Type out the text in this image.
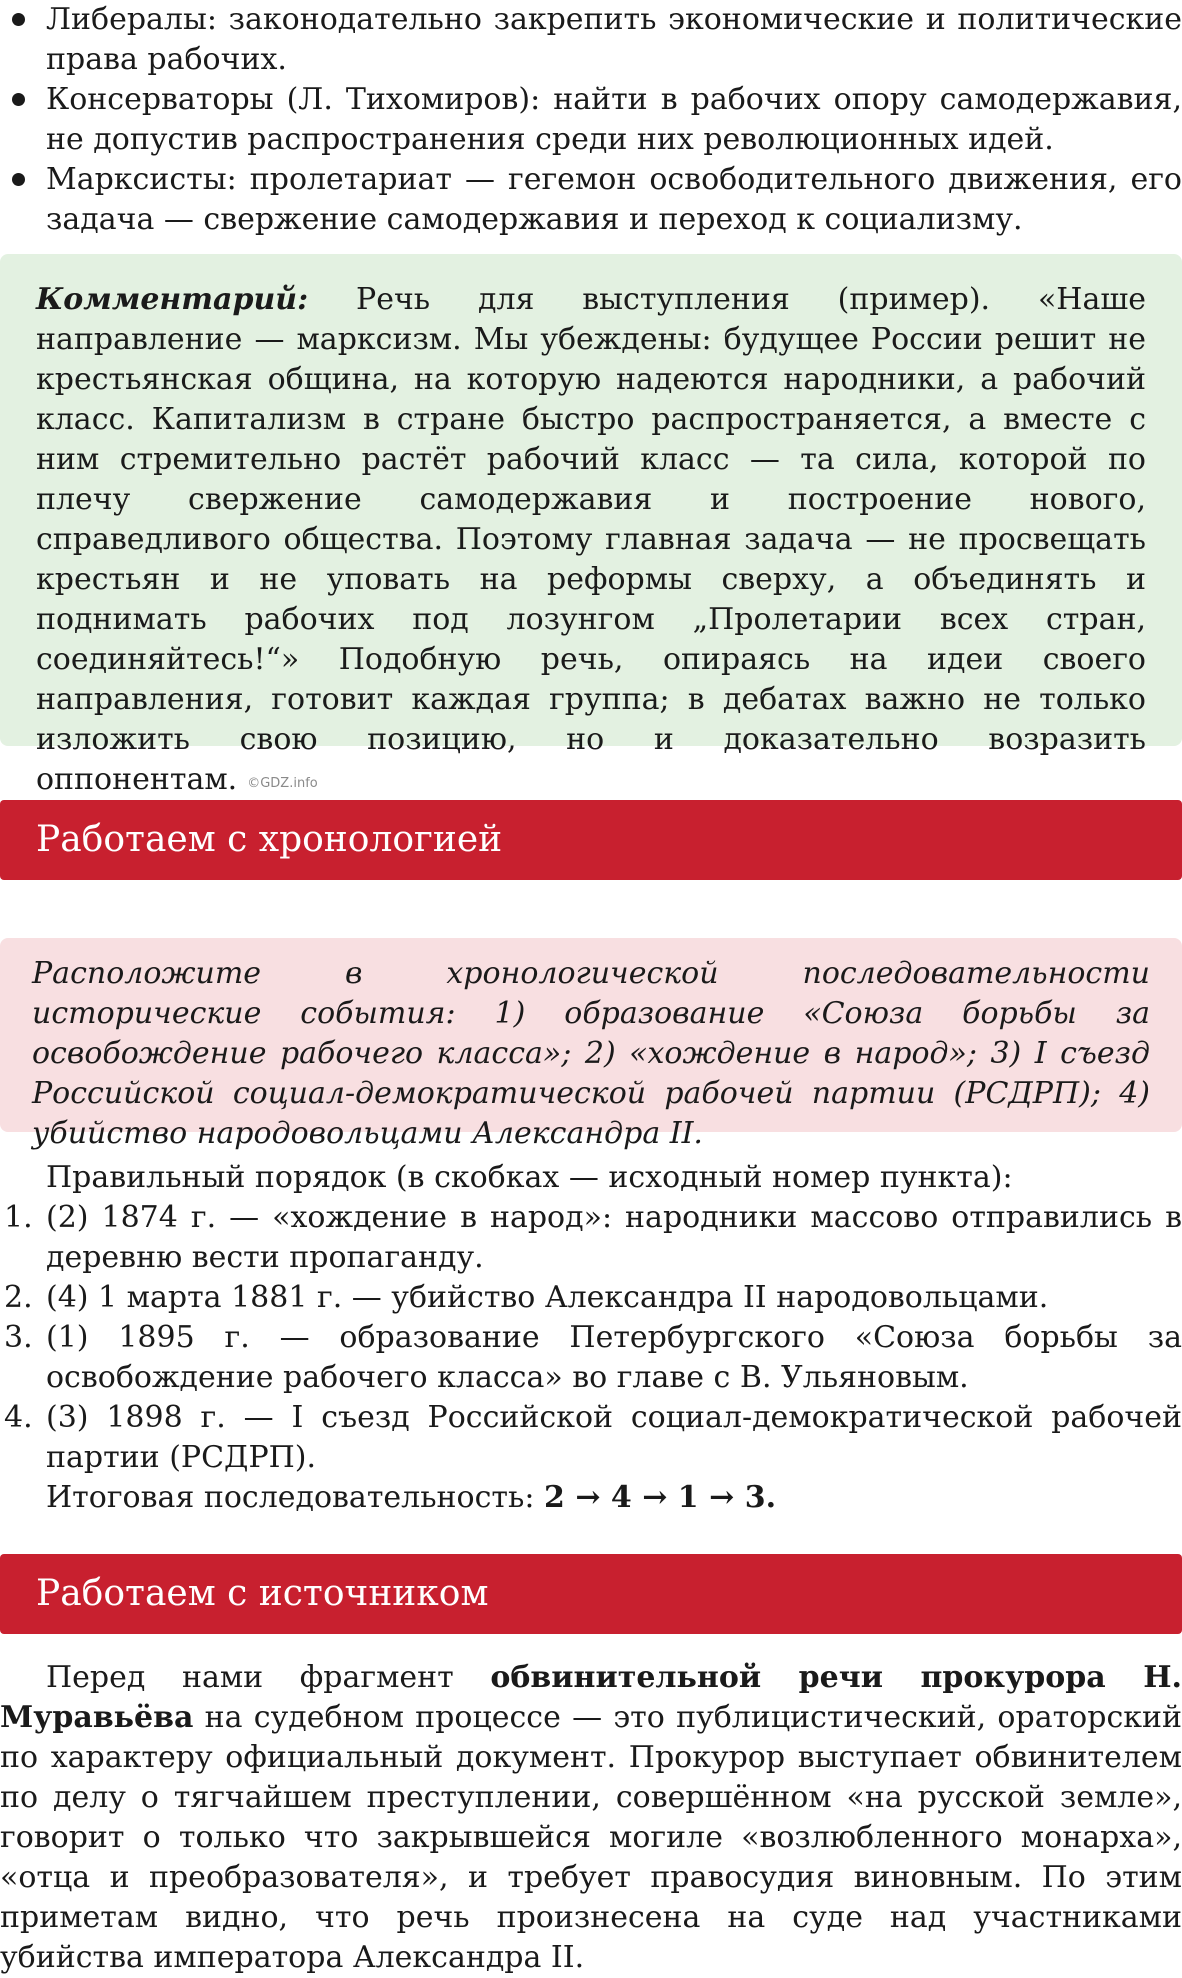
Либералы: законодательно закрепить экономические и политические права рабочих.
Консерваторы (Л. Тихомиров): найти в рабочих опору самодержавия, не допустив распространения среди них революционных идей.
Марксисты: пролетариат — гегемон освободительного движения, его задача — свержение самодержавия и переход к социализму.
Комментарий: Речь для выступления (пример). «Наше направление — марксизм. Мы убеждены: будущее России решит не крестьянская община, на которую надеются народники, а рабочий класс. Капитализм в стране быстро распространяется, а вместе с ним стремительно растёт рабочий класс — та сила, которой по плечу свержение самодержавия и построение нового, справедливого общества. Поэтому главная задача — не просвещать крестьян и не уповать на реформы сверху, а объединять и поднимать рабочих под лозунгом „Пролетарии всех стран, соединяйтесь!“» Подобную речь, опираясь на идеи своего направления, готовит каждая группа; в дебатах важно не только изложить свою позицию, но и доказательно возразить оппонентам. ©GDZ.info
Работаем с хронологией
Расположите в хронологической последовательности исторические события: 1) образование «Союза борьбы за освобождение рабочего класса»; 2) «хождение в народ»; 3) I съезд Российской социал-демократической рабочей партии (РСДРП); 4) убийство народовольцами Александра II.
Правильный порядок (в скобках — исходный номер пункта):
1. (2) 1874 г. — «хождение в народ»: народники массово отправились в деревню вести пропаганду.
2. (4) 1 марта 1881 г. — убийство Александра II народовольцами.
3. (1) 1895 г. — образование Петербургского «Союза борьбы за освобождение рабочего класса» во главе с В. Ульяновым.
4. (3) 1898 г. — I съезд Российской социал-демократической рабочей партии (РСДРП).
Итоговая последовательность: 2 → 4 → 1 → 3.
Работаем с источником
Перед нами фрагмент обвинительной речи прокурора Н. Муравьёва на судебном процессе — это публицистический, ораторский по характеру официальный документ. Прокурор выступает обвинителем по делу о тягчайшем преступлении, совершённом «на русской земле», говорит о только что закрывшейся могиле «возлюбленного монарха», «отца и преобразователя», и требует правосудия виновным. По этим приметам видно, что речь произнесена на суде над участниками убийства императора Александра II.
